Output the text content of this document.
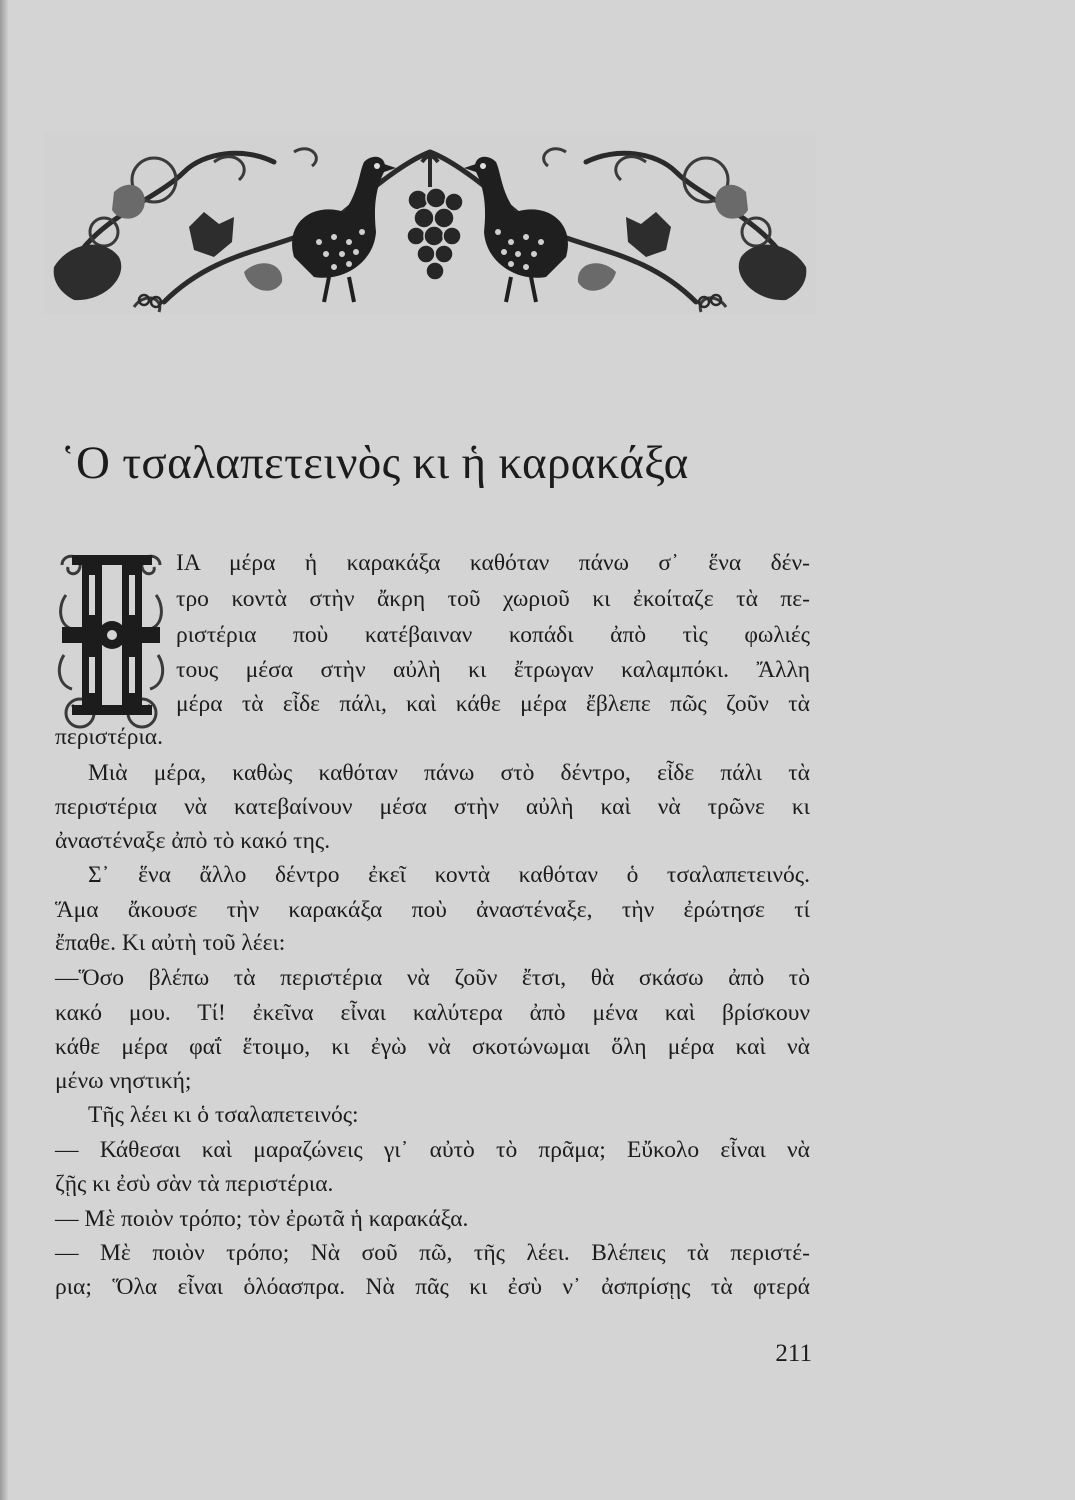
῾Ο τσαλαπετεινὸς κι ἡ καρακάξα
Η

ΙΑ μέρα ἡ καρακάξα καθόταν πάνω σ᾿ ἕνα δέν-

τρο κοντὰ στὴν ἄκρη τοῦ χωριοῦ κι ἐκοίταζε τὰ πε-

ριστέρια ποὺ κατέβαιναν κοπάδι ἀπὸ τὶς φωλιές

τους μέσα στὴν αὐλὴ κι ἔτρωγαν καλαμπόκι. Ἄλλη

μέρα τὰ εἶδε πάλι, καὶ κάθε μέρα ἔβλεπε πῶς ζοῦν τὰ

περιστέρια.

Μιὰ μέρα, καθὼς καθόταν πάνω στὸ δέντρο, εἶδε πάλι τὰ

περιστέρια νὰ κατεβαίνουν μέσα στὴν αὐλὴ καὶ νὰ τρῶνε κι

ἀναστέναξε ἀπὸ τὸ κακό της.

Σ᾿ ἕνα ἄλλο δέντρο ἐκεῖ κοντὰ καθόταν ὁ τσαλαπετεινός.

Ἅμα ἄκουσε τὴν καρακάξα ποὺ ἀναστέναξε, τὴν ἐρώτησε τί

ἔπαθε. Κι αὐτὴ τοῦ λέει:

—Ὅσο βλέπω τὰ περιστέρια νὰ ζοῦν ἔτσι, θὰ σκάσω ἀπὸ τὸ

κακό μου. Τί! ἐκεῖνα εἶναι καλύτερα ἀπὸ μένα καὶ βρίσκουν

κάθε μέρα φαΐ ἕτοιμο, κι ἐγὼ νὰ σκοτώνωμαι ὅλη μέρα καὶ νὰ

μένω νηστική;

Τῆς λέει κι ὁ τσαλαπετεινός:

— Κάθεσαι καὶ μαραζώνεις γι᾿ αὐτὸ τὸ πρᾶμα; Εὔκολο εἶναι νὰ

ζῇς κι ἐσὺ σὰν τὰ περιστέρια.

— Μὲ ποιὸν τρόπο; τὸν ἐρωτᾶ ἡ καρακάξα.

— Μὲ ποιὸν τρόπο; Νὰ σοῦ πῶ, τῆς λέει. Βλέπεις τὰ περιστέ-

ρια; Ὅλα εἶναι ὁλόασπρα. Νὰ πᾶς κι ἐσὺ ν᾿ ἀσπρίσῃς τὰ φτερά

211
